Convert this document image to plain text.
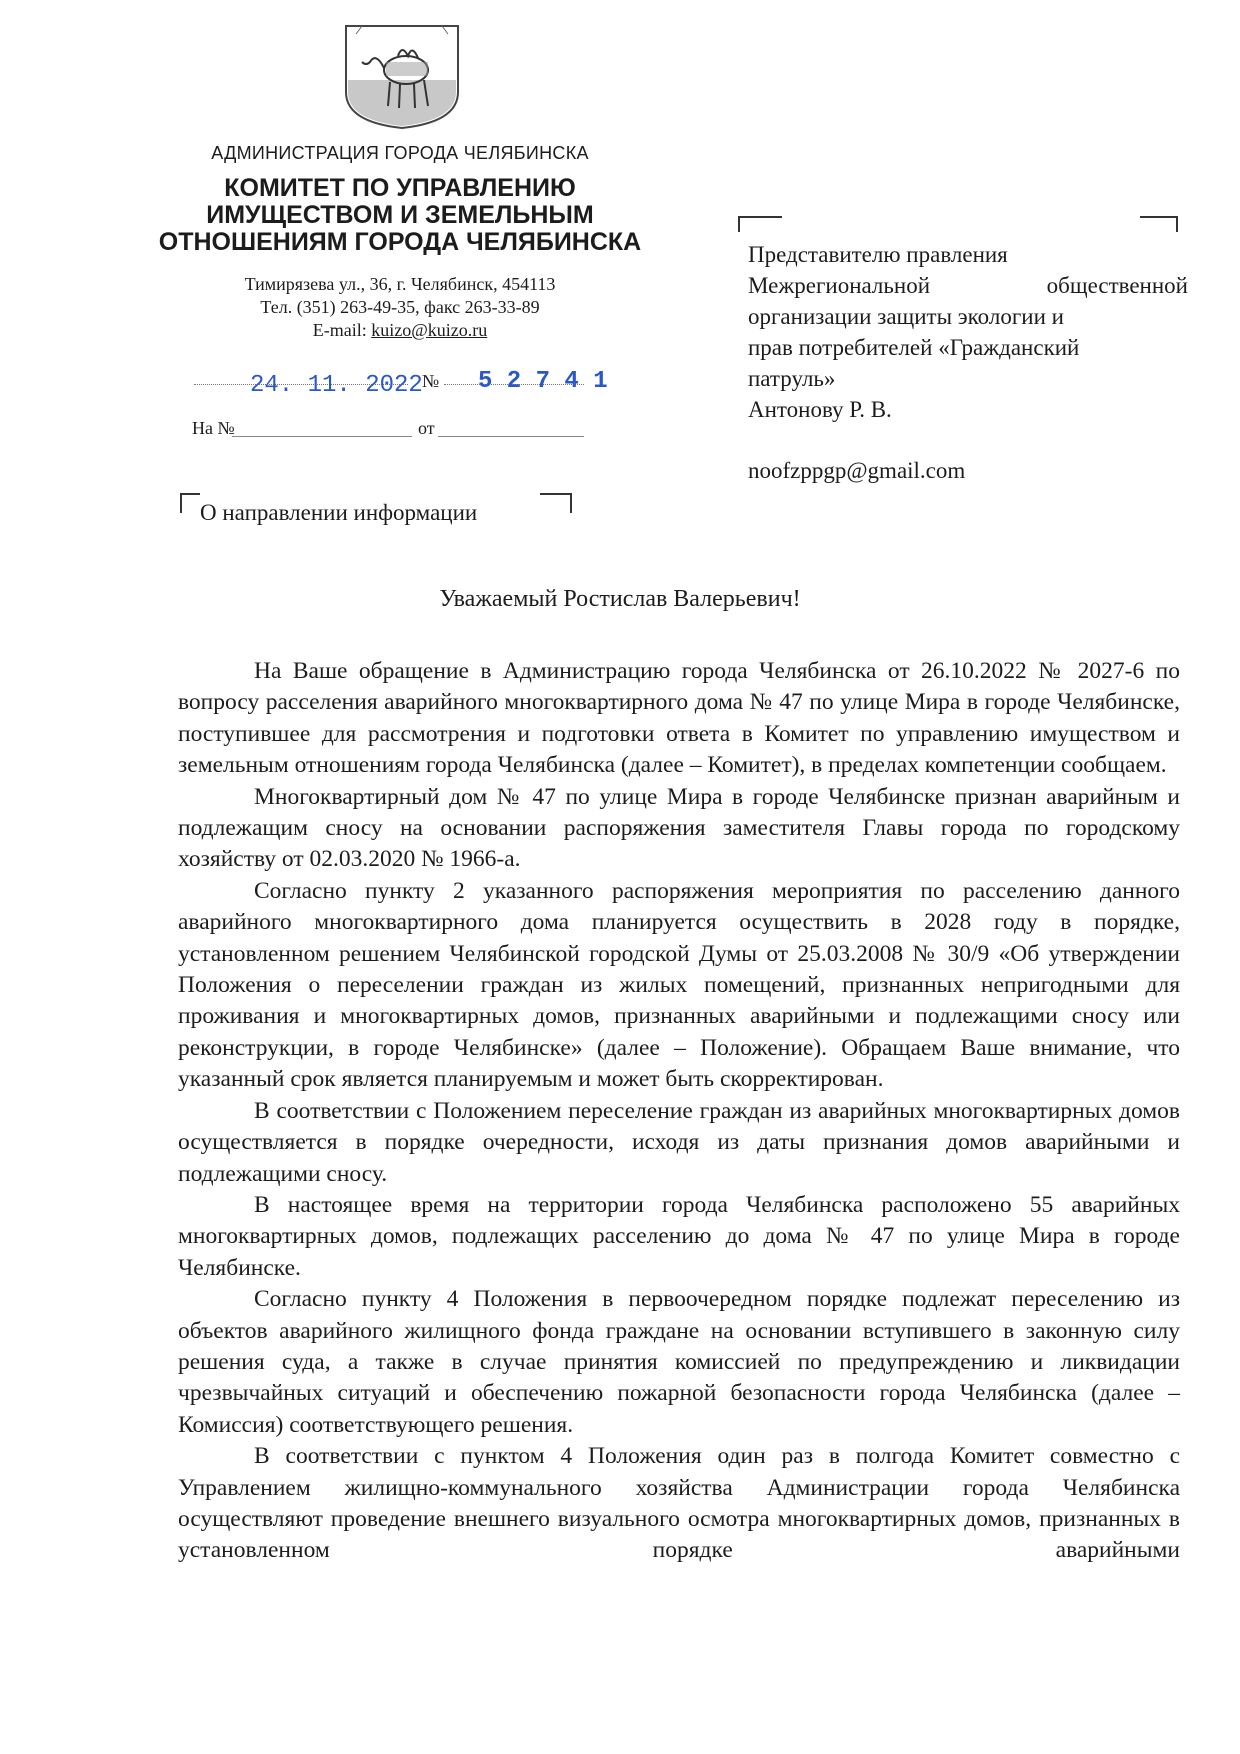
АДМИНИСТРАЦИЯ ГОРОДА ЧЕЛЯБИНСКА
КОМИТЕТ ПО УПРАВЛЕНИЮ
ИМУЩЕСТВОМ И ЗЕМЕЛЬНЫМ
ОТНОШЕНИЯМ ГОРОДА ЧЕЛЯБИНСКА
Тимирязева ул., 36, г. Челябинск, 454113
Тел. (351) 263-49-35, факс 263-33-89
E-mail: kuizo@kuizo.ru
24. 11. 2022 № 5 2 7 4 1
На №	от
О направлении информации
Представителю правления
Межрегиональной общественной
организации защиты экологии и
прав потребителей «Гражданский
патруль»
Антонову Р. В.
noofzppgp@gmail.com
Уважаемый Ростислав Валерьевич!

На Ваше обращение в Администрацию города Челябинска от 26.10.2022 № 2027-6 по вопросу расселения аварийного многоквартирного дома № 47 по улице Мира в городе Челябинске, поступившее для рассмотрения и подготовки ответа в Комитет по управлению имуществом и земельным отношениям города Челябинска (далее – Комитет), в пределах компетенции сообщаем.

Многоквартирный дом № 47 по улице Мира в городе Челябинске признан аварийным и подлежащим сносу на основании распоряжения заместителя Главы города по городскому хозяйству от 02.03.2020 № 1966-а.

Согласно пункту 2 указанного распоряжения мероприятия по расселению данного аварийного многоквартирного дома планируется осуществить в 2028 году в порядке, установленном решением Челябинской городской Думы от 25.03.2008 № 30/9 «Об утверждении Положения о переселении граждан из жилых помещений, признанных непригодными для проживания и многоквартирных домов, признанных аварийными и подлежащими сносу или реконструкции, в городе Челябинске» (далее – Положение). Обращаем Ваше внимание, что указанный срок является планируемым и может быть скорректирован.

В соответствии с Положением переселение граждан из аварийных многоквартирных домов осуществляется в порядке очередности, исходя из даты признания домов аварийными и подлежащими сносу.

В настоящее время на территории города Челябинска расположено 55 аварийных многоквартирных домов, подлежащих расселению до дома № 47 по улице Мира в городе Челябинске.

Согласно пункту 4 Положения в первоочередном порядке подлежат переселению из объектов аварийного жилищного фонда граждане на основании вступившего в законную силу решения суда, а также в случае принятия комиссией по предупреждению и ликвидации чрезвычайных ситуаций и обеспечению пожарной безопасности города Челябинска (далее – Комиссия) соответствующего решения.

В соответствии с пунктом 4 Положения один раз в полгода Комитет совместно с Управлением жилищно-коммунального хозяйства Администрации города Челябинска осуществляют проведение внешнего визуального осмотра многоквартирных домов, признанных в установленном порядке аварийными
